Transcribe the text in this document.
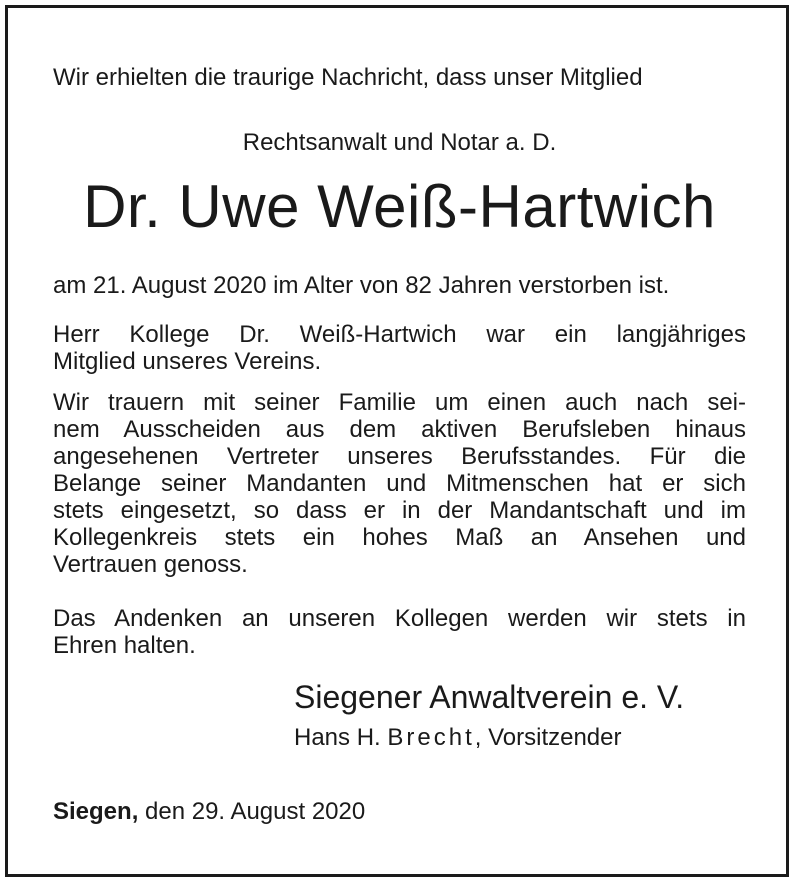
Wir erhielten die traurige Nachricht, dass unser Mitglied
Rechtsanwalt und Notar a. D.
Dr. Uwe Weiß-Hartwich
am 21. August 2020 im Alter von 82 Jahren verstorben ist.
Herr Kollege Dr. Weiß-Hartwich war ein langjähriges
Mitglied unseres Vereins.
Wir trauern mit seiner Familie um einen auch nach sei-
nem Ausscheiden aus dem aktiven Berufsleben hinaus
angesehenen Vertreter unseres Berufsstandes. Für die
Belange seiner Mandanten und Mitmenschen hat er sich
stets eingesetzt, so dass er in der Mandantschaft und im
Kollegenkreis stets ein hohes Maß an Ansehen und
Vertrauen genoss.
Das Andenken an unseren Kollegen werden wir stets in
Ehren halten.
Siegener Anwaltverein e. V.
Hans H. Brecht, Vorsitzender
Siegen, den 29. August 2020
